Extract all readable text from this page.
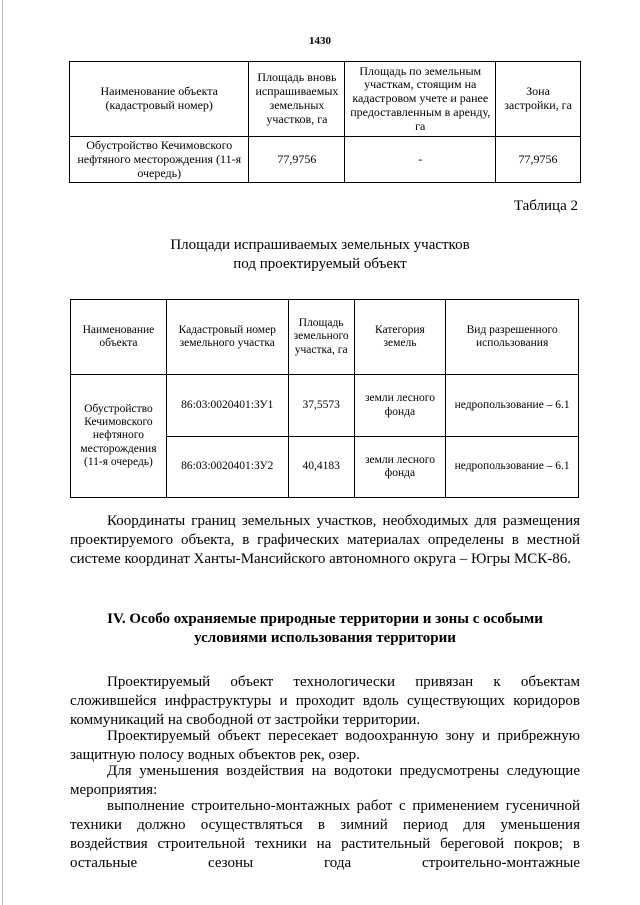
1430
Наименование объекта (кадастровый номер)	Площадь вновь испрашиваемых земельных участков, га	Площадь по земельным участкам, стоящим на кадастровом учете и ранее предоставленным в аренду, га	Зона застройки, га
Обустройство Кечимовского нефтяного месторождения (11-я очередь)	77,9756	-	77,9756
Таблица 2
Площади испрашиваемых земельных участков
под проектируемый объект
Наименование объекта	Кадастровый номер земельного участка	Площадь земельного участка, га	Категория земель	Вид разрешенного использования
Обустройство Кечимовского нефтяного месторождения (11-я очередь)	86:03:0020401:ЗУ1	37,5573	земли лесного фонда	недропользование – 6.1
	86:03:0020401:ЗУ2	40,4183	земли лесного фонда	недропользование – 6.1
Координаты границ земельных участков, необходимых для размещения проектируемого объекта, в графических материалах определены в местной системе координат Ханты-Мансийского автономного округа – Югры МСК-86.
IV. Особо охраняемые природные территории и зоны с особыми условиями использования территории
Проектируемый объект технологически привязан к объектам сложившейся инфраструктуры и проходит вдоль существующих коридоров коммуникаций на свободной от застройки территории.
Проектируемый объект пересекает водоохранную зону и прибрежную защитную полосу водных объектов рек, озер.
Для уменьшения воздействия на водотоки предусмотрены следующие мероприятия:
выполнение строительно-монтажных работ с применением гусеничной техники должно осуществляться в зимний период для уменьшения воздействия строительной техники на растительный береговой покров; в остальные сезоны года строительно-монтажные
